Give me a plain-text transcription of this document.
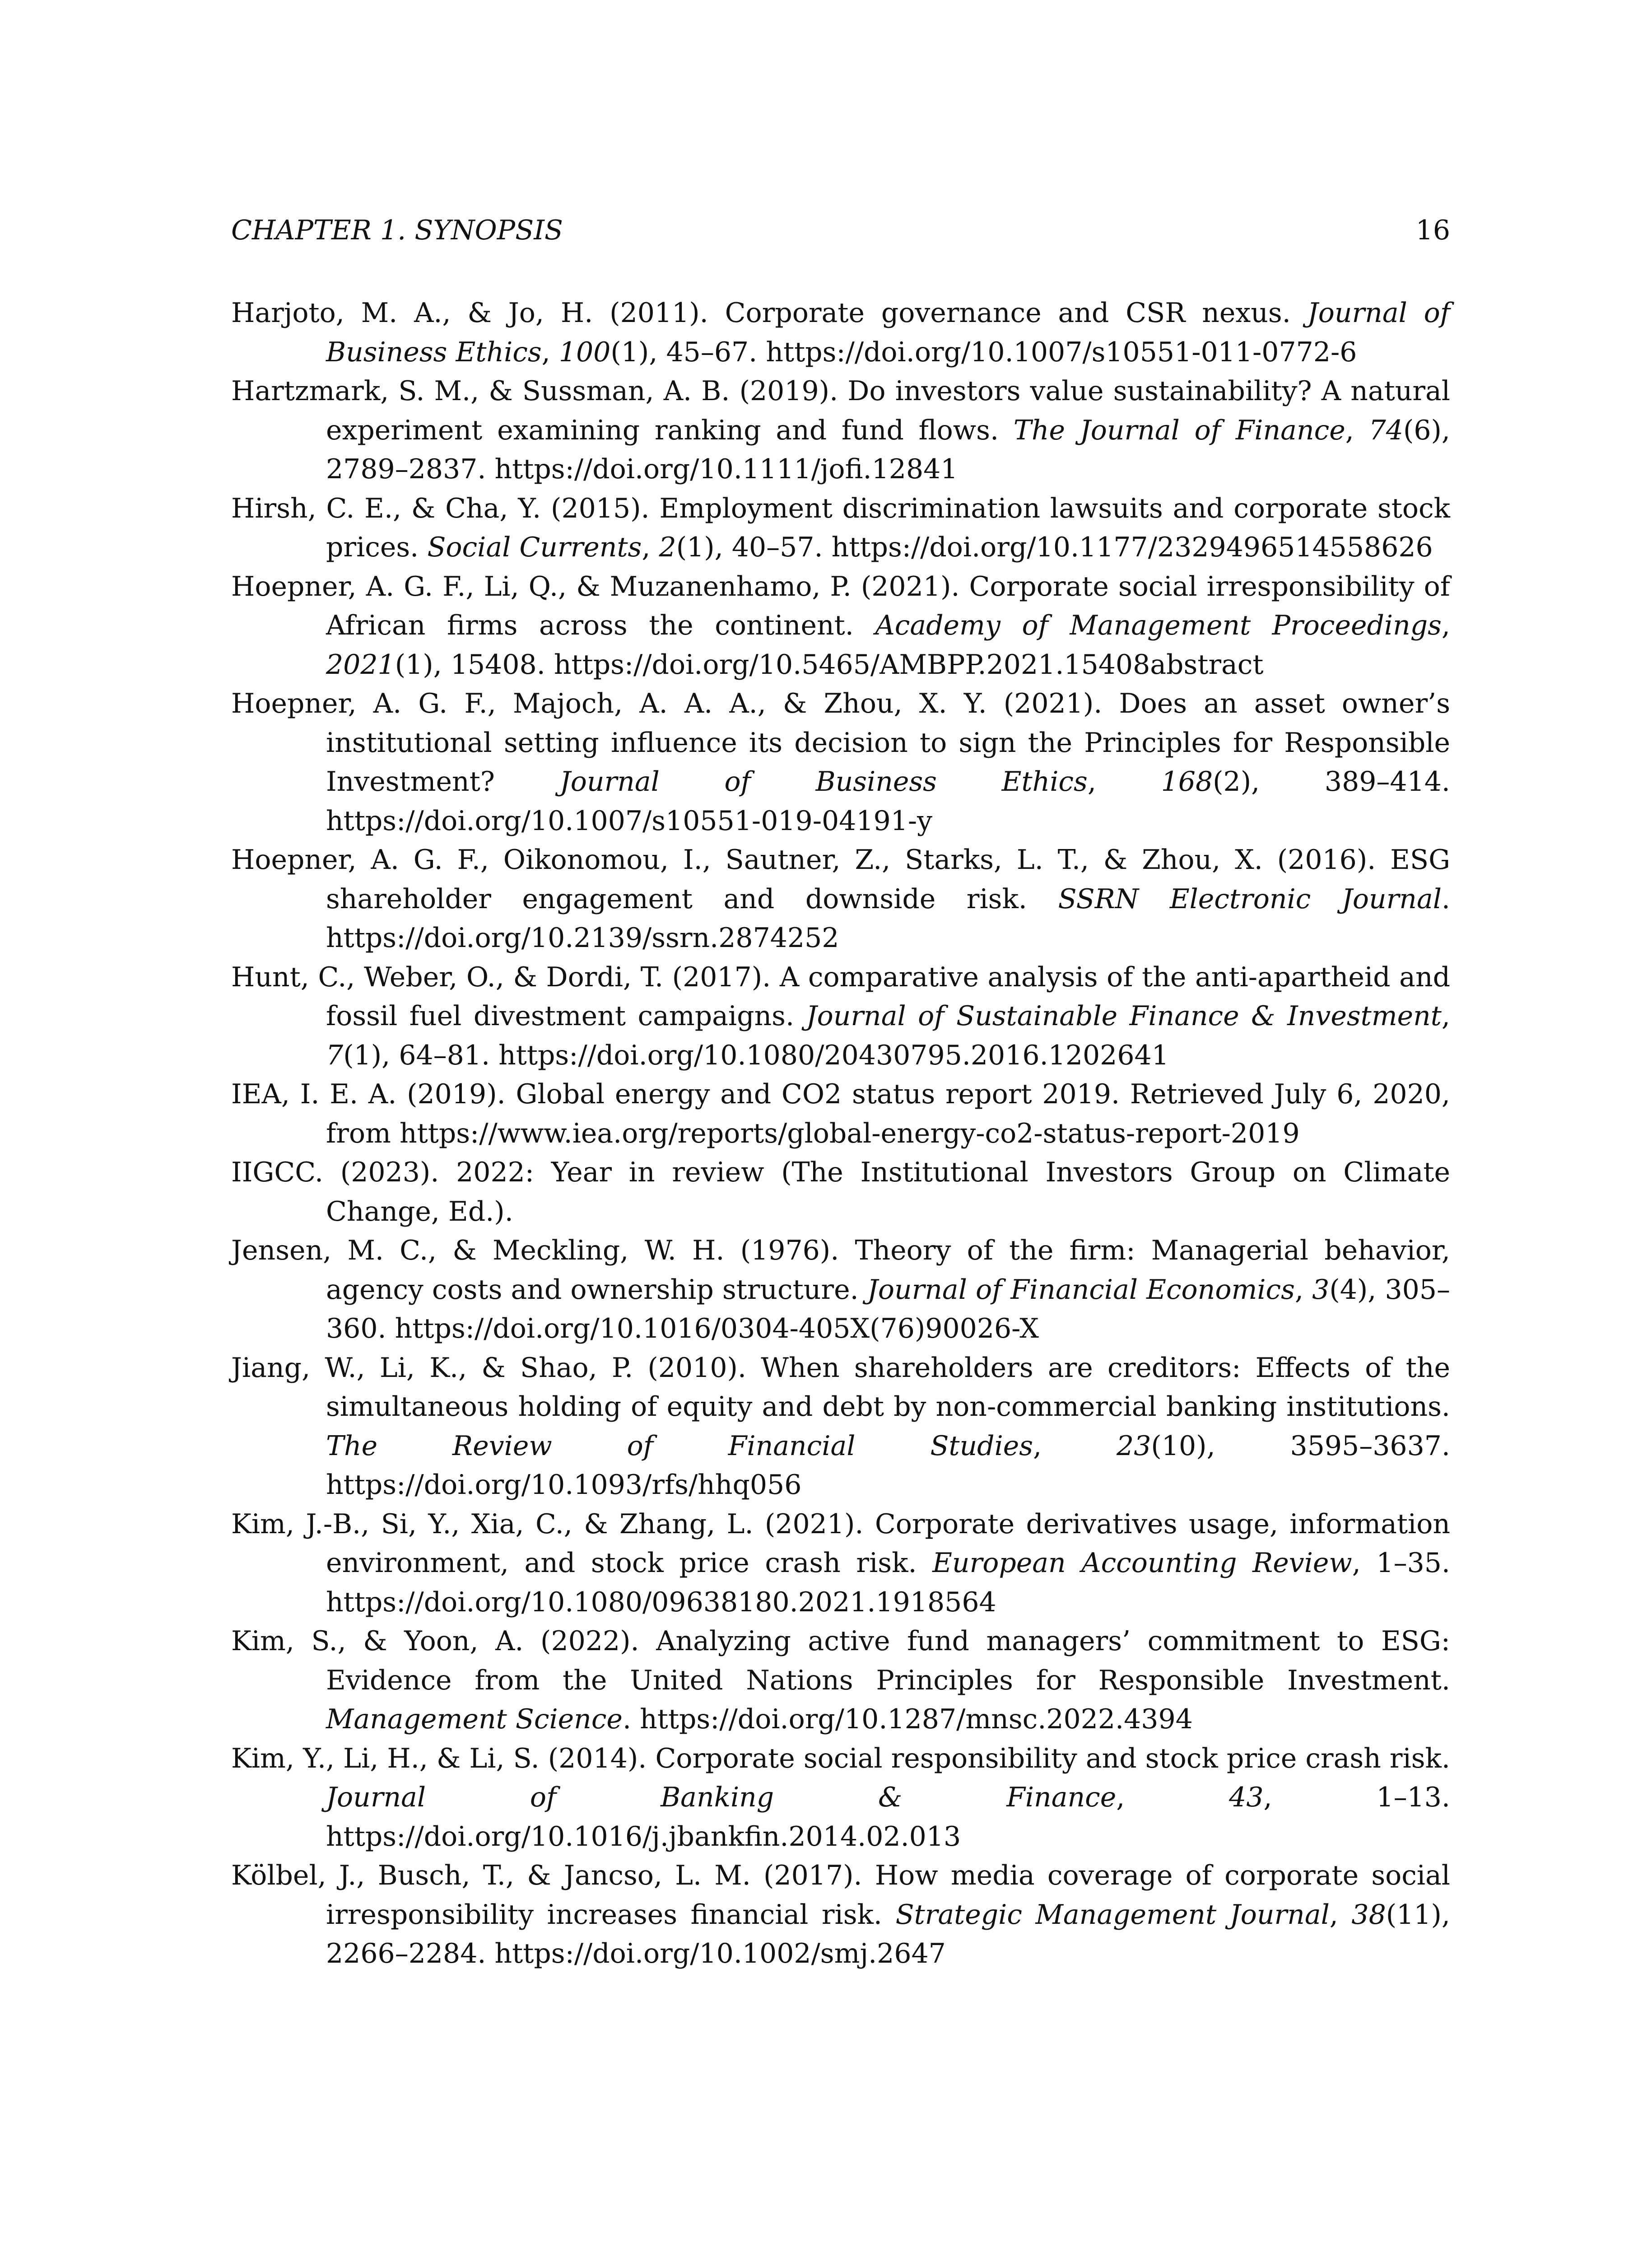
CHAPTER 1. SYNOPSIS	16

Harjoto, M. A., & Jo, H. (2011). Corporate governance and CSR nexus. Journal of Business Ethics, 100(1), 45–67. https://doi.org/10.1007/s10551-011-0772-6

Hartzmark, S. M., & Sussman, A. B. (2019). Do investors value sustainability? A natural experiment examining ranking and fund flows. The Journal of Finance, 74(6), 2789–2837. https://doi.org/10.1111/jofi.12841

Hirsh, C. E., & Cha, Y. (2015). Employment discrimination lawsuits and corporate stock prices. Social Currents, 2(1), 40–57. https://doi.org/10.1177/2329496514558626

Hoepner, A. G. F., Li, Q., & Muzanenhamo, P. (2021). Corporate social irresponsibility of African firms across the continent. Academy of Management Proceedings, 2021(1), 15408. https://doi.org/10.5465/AMBPP.2021.15408abstract

Hoepner, A. G. F., Majoch, A. A. A., & Zhou, X. Y. (2021). Does an asset owner’s institutional setting influence its decision to sign the Principles for Responsible Investment? Journal of Business Ethics, 168(2), 389–414. https://doi.org/10.1007/s10551-019-04191-y

Hoepner, A. G. F., Oikonomou, I., Sautner, Z., Starks, L. T., & Zhou, X. (2016). ESG shareholder engagement and downside risk. SSRN Electronic Journal. https://doi.org/10.2139/ssrn.2874252

Hunt, C., Weber, O., & Dordi, T. (2017). A comparative analysis of the anti-apartheid and fossil fuel divestment campaigns. Journal of Sustainable Finance & Investment, 7(1), 64–81. https://doi.org/10.1080/20430795.2016.1202641

IEA, I. E. A. (2019). Global energy and CO2 status report 2019. Retrieved July 6, 2020, from https://www.iea.org/reports/global-energy-co2-status-report-2019

IIGCC. (2023). 2022: Year in review (The Institutional Investors Group on Climate Change, Ed.).

Jensen, M. C., & Meckling, W. H. (1976). Theory of the firm: Managerial behavior, agency costs and ownership structure. Journal of Financial Economics, 3(4), 305–360. https://doi.org/10.1016/0304-405X(76)90026-X

Jiang, W., Li, K., & Shao, P. (2010). When shareholders are creditors: Effects of the simultaneous holding of equity and debt by non-commercial banking institutions. The Review of Financial Studies, 23(10), 3595–3637. https://doi.org/10.1093/rfs/hhq056

Kim, J.-B., Si, Y., Xia, C., & Zhang, L. (2021). Corporate derivatives usage, information environment, and stock price crash risk. European Accounting Review, 1–35. https://doi.org/10.1080/09638180.2021.1918564

Kim, S., & Yoon, A. (2022). Analyzing active fund managers’ commitment to ESG: Evidence from the United Nations Principles for Responsible Investment. Management Science. https://doi.org/10.1287/mnsc.2022.4394

Kim, Y., Li, H., & Li, S. (2014). Corporate social responsibility and stock price crash risk. Journal of Banking & Finance, 43, 1–13. https://doi.org/10.1016/j.jbankfin.2014.02.013

Kölbel, J., Busch, T., & Jancso, L. M. (2017). How media coverage of corporate social irresponsibility increases financial risk. Strategic Management Journal, 38(11), 2266–2284. https://doi.org/10.1002/smj.2647
